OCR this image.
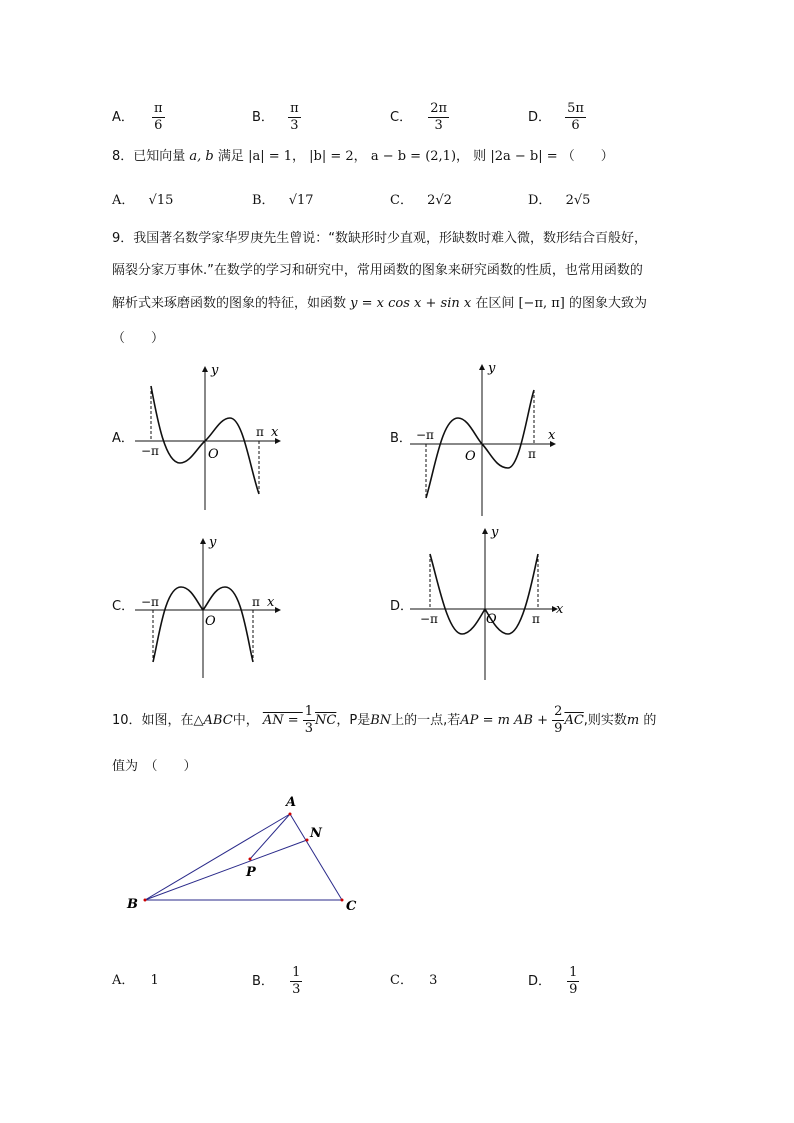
A． $\frac{\pi}{6}$	B． $\frac{\pi}{3}$	C． $\frac{2\pi}{3}$	D． $\frac{5\pi}{6}$
8．已知向量 a, b 满足 |a| = 1， |b| = 2， a − b = (2,1)， 则 |2a − b| = （　　）
A． √15	B． √17	C． 2√2	D． 2√5
9．我国著名数学家华罗庚先生曾说：“数缺形时少直观，形缺数时难入微，数形结合百般好，
隔裂分家万事休.”在数学的学习和研究中，常用函数的图象来研究函数的性质，也常用函数的
解析式来琢磨函数的图象的特征，如函数 y = x cos x + sin x 在区间 [−π, π] 的图象大致为
（　　）
A．	B．
C．	D．
y
x
O
π
−π
y
x
O	π
−π
y
x
O
π
−π
y
x
O	π
−π
10．如图，在△ABC中， AN = $\frac{1}{3} \overline{NC}$，P是BN上的一点,若AP = m AB + $\frac{2}{9} \overline{AC}$,则实数m 的
值为　（　　）
A
N
P
B	C
A． 1	B． $\frac{1}{3}$	C． 3	D． $\frac{1}{9}$
